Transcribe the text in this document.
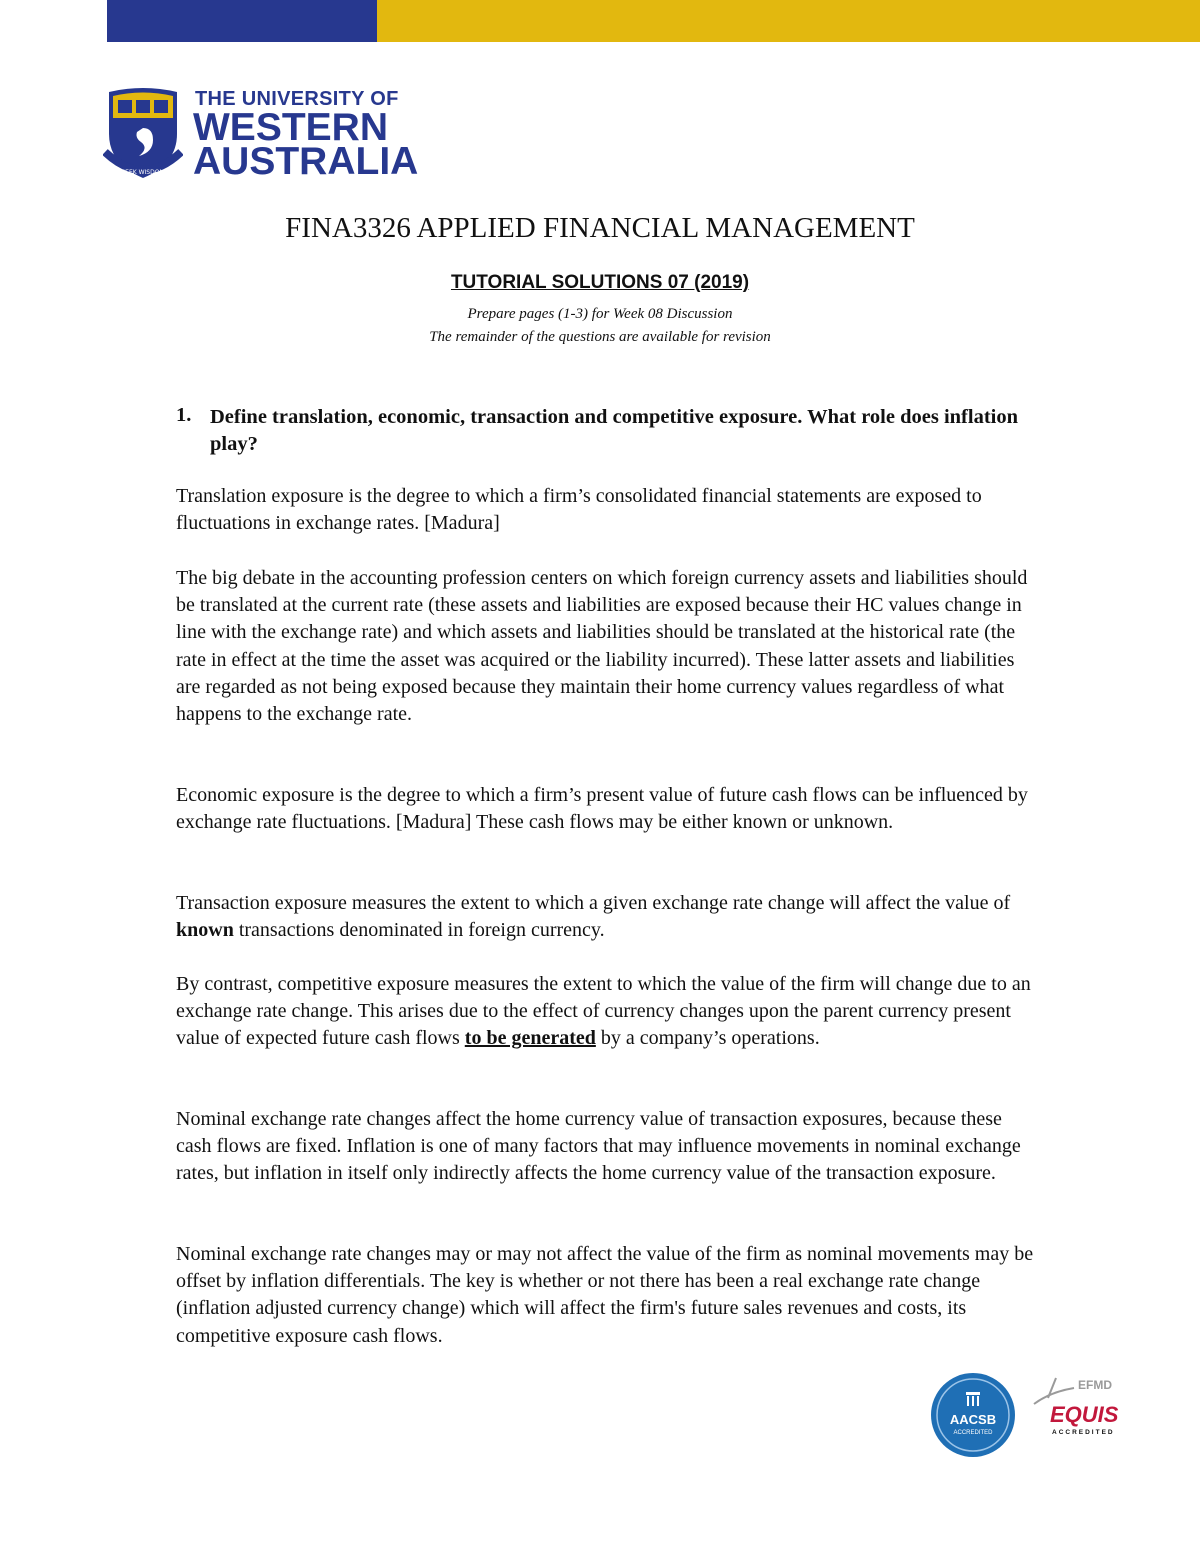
SEEK WISDOM
THE UNIVERSITY OF
WESTERN
AUSTRALIA
FINA3326 APPLIED FINANCIAL MANAGEMENT
TUTORIAL SOLUTIONS 07 (2019)
Prepare pages (1-3) for Week 08 Discussion
The remainder of the questions are available for revision
1. Define translation, economic, transaction and competitive exposure. What role does inflation play?
Translation exposure is the degree to which a firm’s consolidated financial statements are exposed to fluctuations in exchange rates. [Madura]
The big debate in the accounting profession centers on which foreign currency assets and liabilities should be translated at the current rate (these assets and liabilities are exposed because their HC values change in line with the exchange rate) and which assets and liabilities should be translated at the historical rate (the rate in effect at the time the asset was acquired or the liability incurred). These latter assets and liabilities are regarded as not being exposed because they maintain their home currency values regardless of what happens to the exchange rate.
Economic exposure is the degree to which a firm’s present value of future cash flows can be influenced by exchange rate fluctuations. [Madura] These cash flows may be either known or unknown.
Transaction exposure measures the extent to which a given exchange rate change will affect the value of known transactions denominated in foreign currency.
By contrast, competitive exposure measures the extent to which the value of the firm will change due to an exchange rate change. This arises due to the effect of currency changes upon the parent currency present value of expected future cash flows to be generated by a company’s operations.
Nominal exchange rate changes affect the home currency value of transaction exposures, because these cash flows are fixed. Inflation is one of many factors that may influence movements in nominal exchange rates, but inflation in itself only indirectly affects the home currency value of the transaction exposure.
Nominal exchange rate changes may or may not affect the value of the firm as nominal movements may be offset by inflation differentials. The key is whether or not there has been a real exchange rate change (inflation adjusted currency change) which will affect the firm's future sales revenues and costs, its competitive exposure cash flows.
AACSB
ACCREDITED
EFMD
EQUIS
ACCREDITED
